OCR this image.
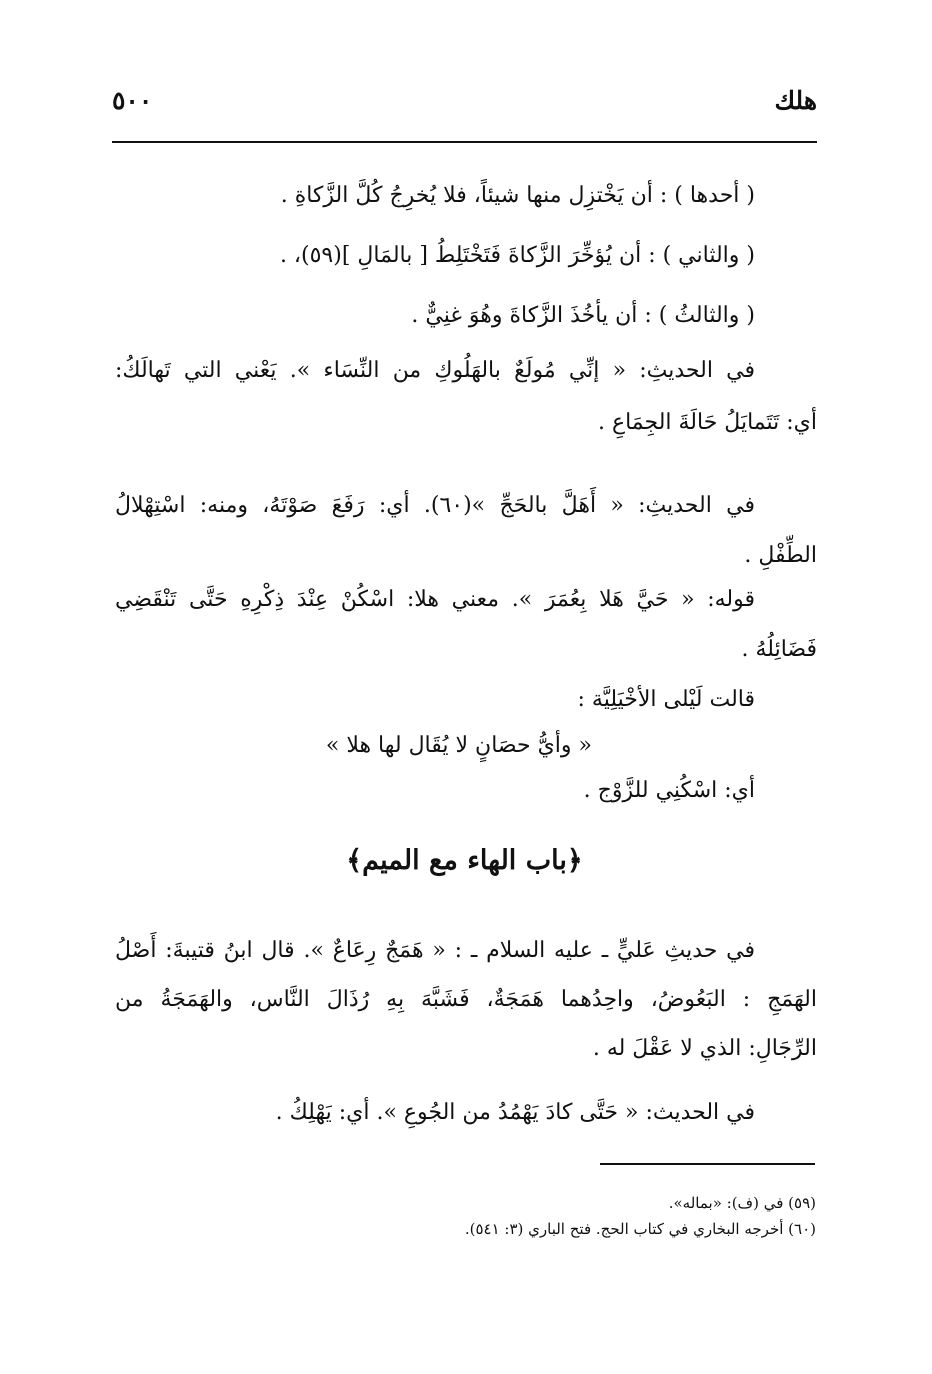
هلك
٥٠٠
( أحدها ) : أن يَخْتزِل منها شيئاً، فلا يُخرِجُ كُلَّ الزَّكاةِ .
( والثاني ) : أن يُؤخِّرَ الزَّكاةَ فَتَخْتَلِطُ [ بالمَالِ ](٥٩)، .
( والثالثُ ) : أن يأخُذَ الزَّكاةَ وهُوَ غنِيٌّ .
في الحديثِ: « إنِّي مُولَعٌ بالهَلُوكِ من النِّسَاء ». يَعْني التي تَهالَكُ:
أي: تَتَمايَلُ حَالَةَ الجِمَاعِ .
في الحديثِ: « أَهَلَّ بالحَجِّ »(٦٠). أي: رَفَعَ صَوْتَهُ، ومنه: اسْتِهْلالُ
الطِّفْلِ .
قوله: « حَيَّ هَلا بِعُمَرَ ». معني هلا: اسْكُنْ عِنْدَ ذِكْرِهِ حَتَّى تَنْقَضِي
فَضَائِلُهُ .
قالت لَيْلى الأخْيَلِيَّة :
« وأيُّ حصَانٍ لا يُقَال لها هلا »
أي: اسْكُنِي للزَّوْج .
﴿باب الهاء مع الميم﴾
في حديثِ عَليٍّ ـ عليه السلام ـ : « هَمَجٌ رِعَاعٌ ». قال ابنُ قتيبةَ: أَصْلُ
الهَمَجِ : البَعُوضُ، واحِدُهما هَمَجَةٌ، فَشَبَّهَ بِهِ رُذَالَ النَّاس، والهَمَجَةُ من
الرِّجَالِ: الذي لا عَقْلَ له .
في الحديث: « حَتَّى كادَ يَهْمُدُ من الجُوعِ ». أي: يَهْلِكُ .
(٥٩) في (ف): «بماله».
(٦٠) أخرجه البخاري في كتاب الحج. فتح الباري (٣: ٥٤١).
